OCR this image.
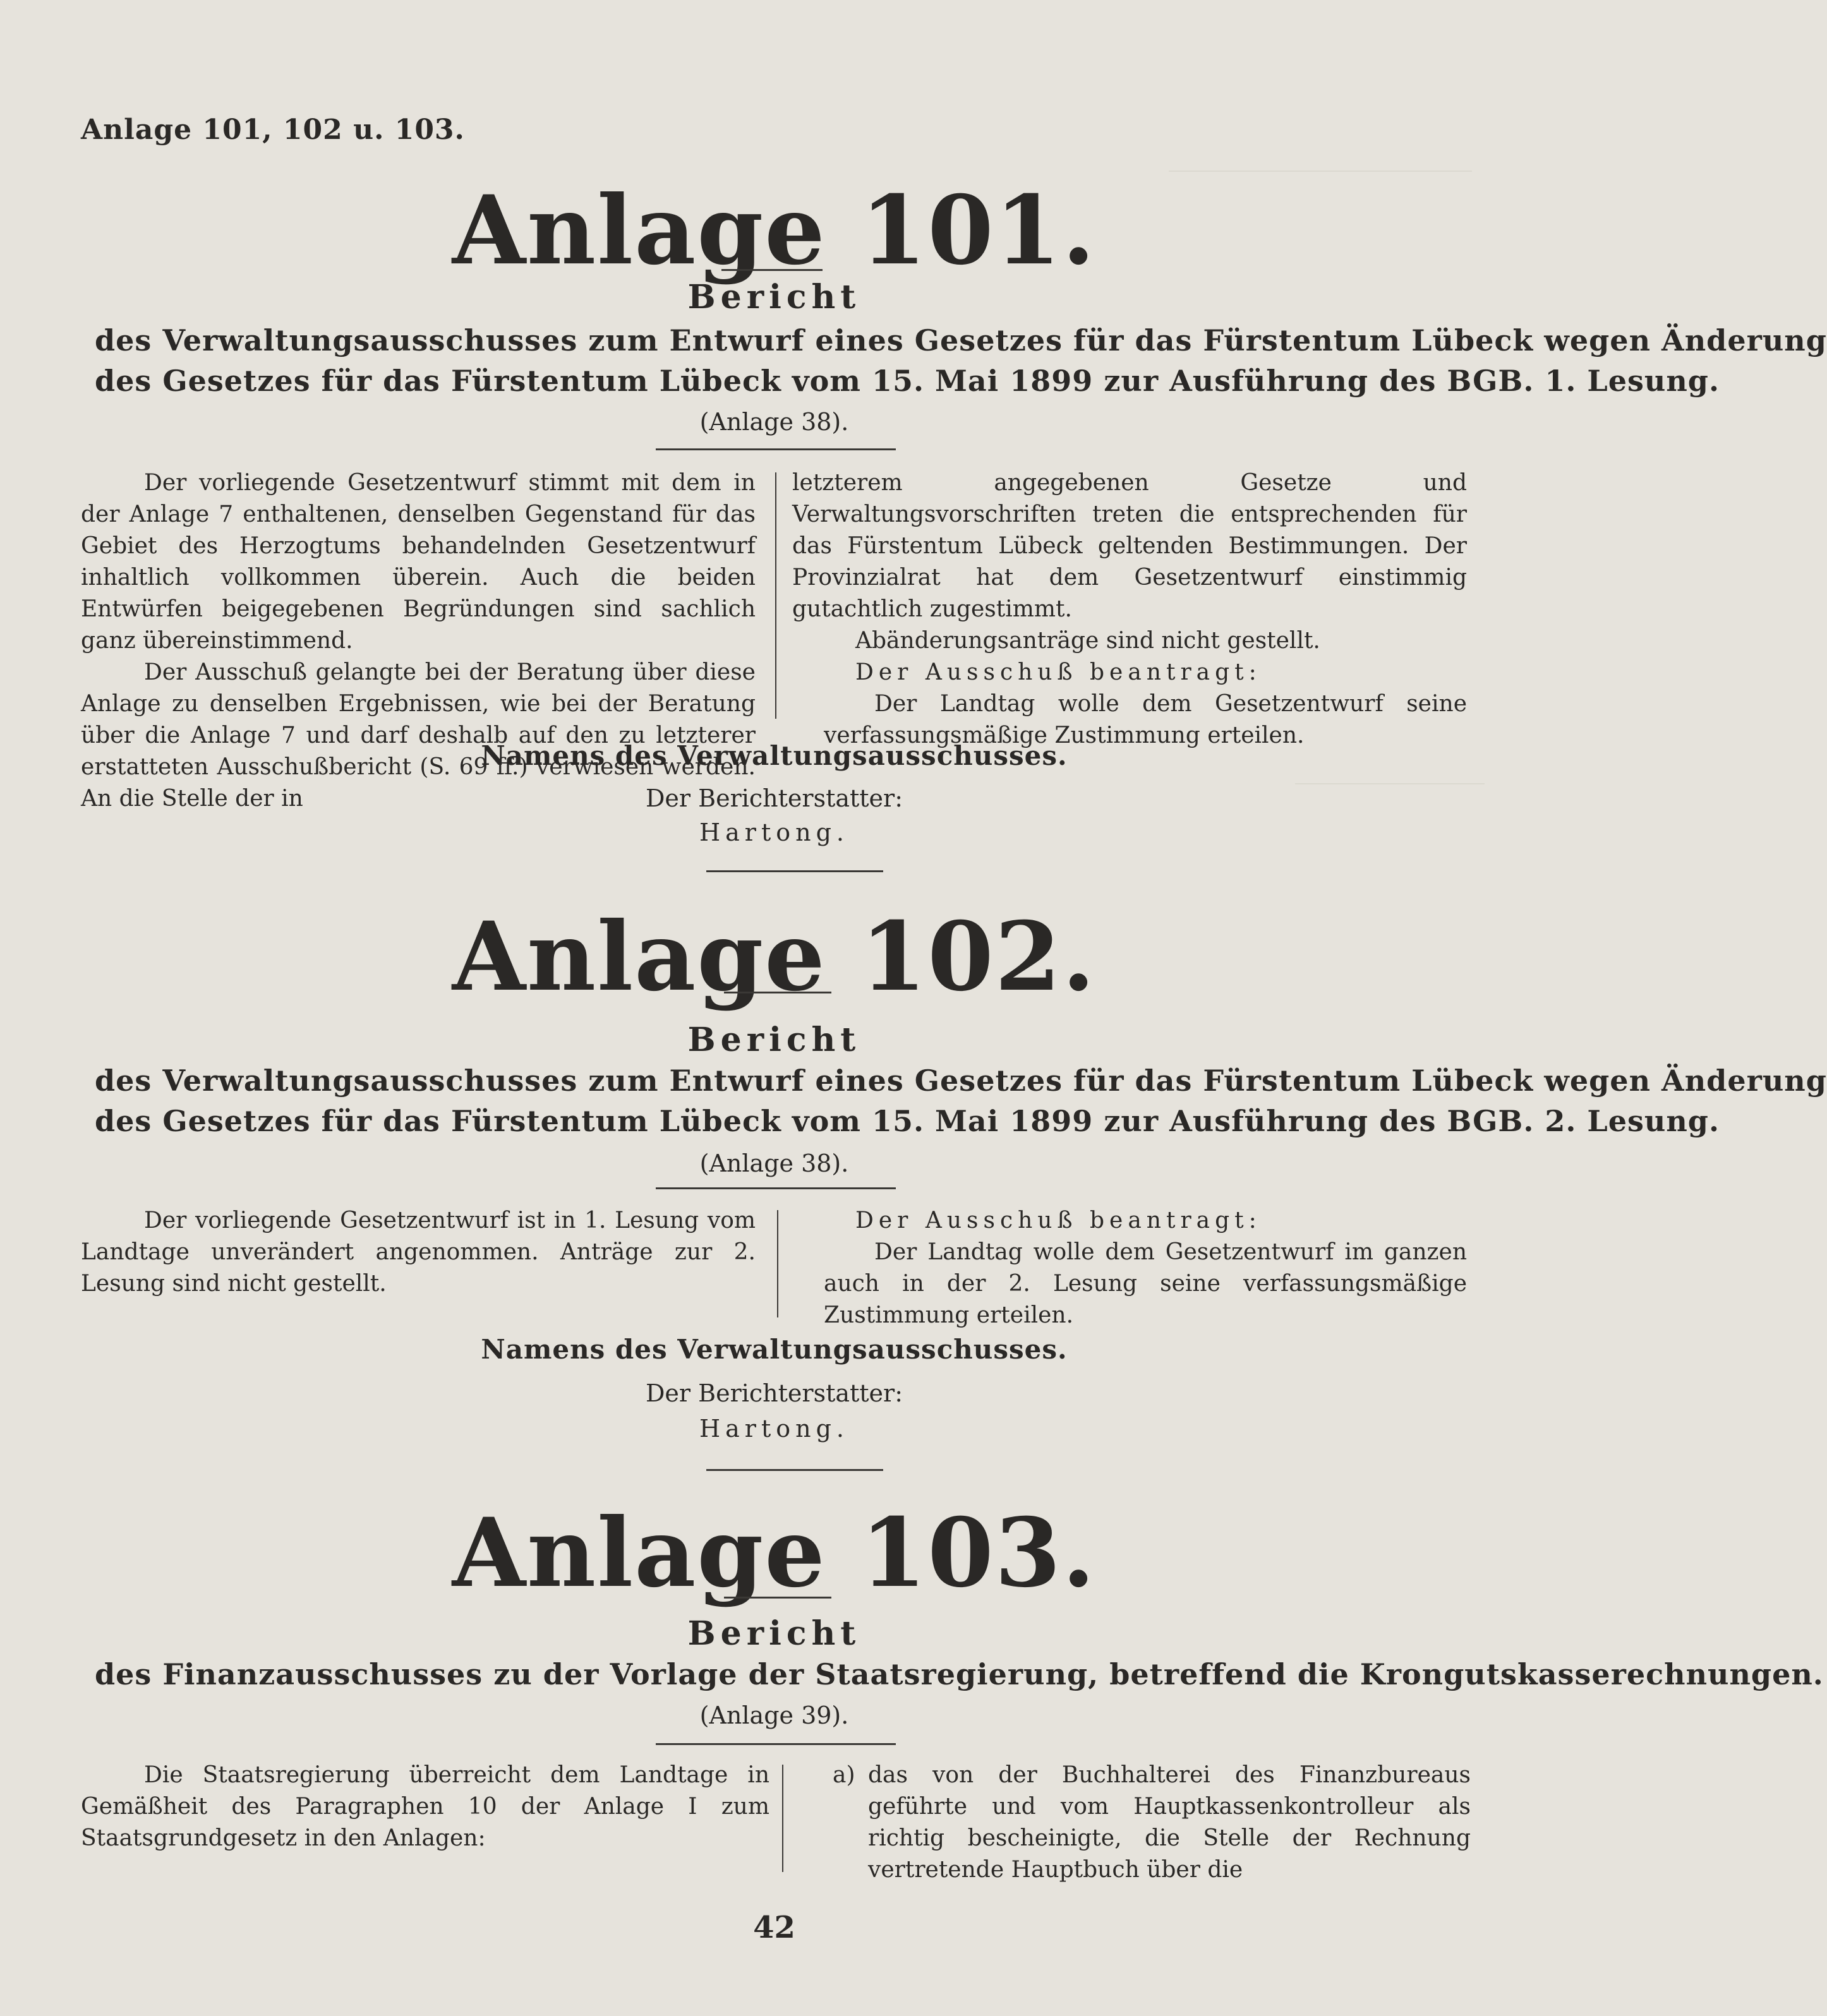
Anlage 101, 102 u. 103.
Anlage 101.
Bericht
des Verwaltungsausschusses zum Entwurf eines Gesetzes für das Fürstentum Lübeck wegen Änderung
des Gesetzes für das Fürstentum Lübeck vom 15. Mai 1899 zur Ausführung des BGB. 1. Lesung.
(Anlage 38).

Der vorliegende Gesetzentwurf stimmt mit dem in der Anlage 7 enthaltenen, denselben Gegenstand für das Gebiet des Herzogtums behandelnden Gesetzentwurf inhaltlich vollkommen überein. Auch die beiden Entwürfen beigegebenen Begründungen sind sachlich ganz übereinstimmend.

Der Ausschuß gelangte bei der Beratung über diese Anlage zu denselben Ergebnissen, wie bei der Beratung über die Anlage 7 und darf deshalb auf den zu letzterer erstatteten Ausschußbericht (S. 69 ff.) verwiesen werden. An die Stelle der in

letzterem angegebenen Gesetze und Verwaltungsvorschriften treten die entsprechenden für das Fürstentum Lübeck geltenden Bestimmungen. Der Provinzialrat hat dem Gesetzentwurf einstimmig gutachtlich zugestimmt.

Abänderungsanträge sind nicht gestellt.

Der Ausschuß beantragt:

Der Landtag wolle dem Gesetzentwurf seine verfassungsmäßige Zustimmung erteilen.

Namens des Verwaltungsausschusses.
Der Berichterstatter:
Hartong.
Anlage 102.
Bericht
des Verwaltungsausschusses zum Entwurf eines Gesetzes für das Fürstentum Lübeck wegen Änderung
des Gesetzes für das Fürstentum Lübeck vom 15. Mai 1899 zur Ausführung des BGB. 2. Lesung.
(Anlage 38).

Der vorliegende Gesetzentwurf ist in 1. Lesung vom Landtage unverändert angenommen. Anträge zur 2. Lesung sind nicht gestellt.

Der Ausschuß beantragt:

Der Landtag wolle dem Gesetzentwurf im ganzen auch in der 2. Lesung seine verfassungsmäßige Zustimmung erteilen.

Namens des Verwaltungsausschusses.
Der Berichterstatter:
Hartong.
Anlage 103.
Bericht
des Finanzausschusses zu der Vorlage der Staatsregierung, betreffend die Krongutskasserechnungen.
(Anlage 39).

Die Staatsregierung überreicht dem Landtage in Gemäßheit des Paragraphen 10 der Anlage I zum Staatsgrundgesetz in den Anlagen:

a) das von der Buchhalterei des Finanzbureaus geführte und vom Hauptkassenkontrolleur als richtig bescheinigte, die Stelle der Rechnung vertretende Hauptbuch über die

42
